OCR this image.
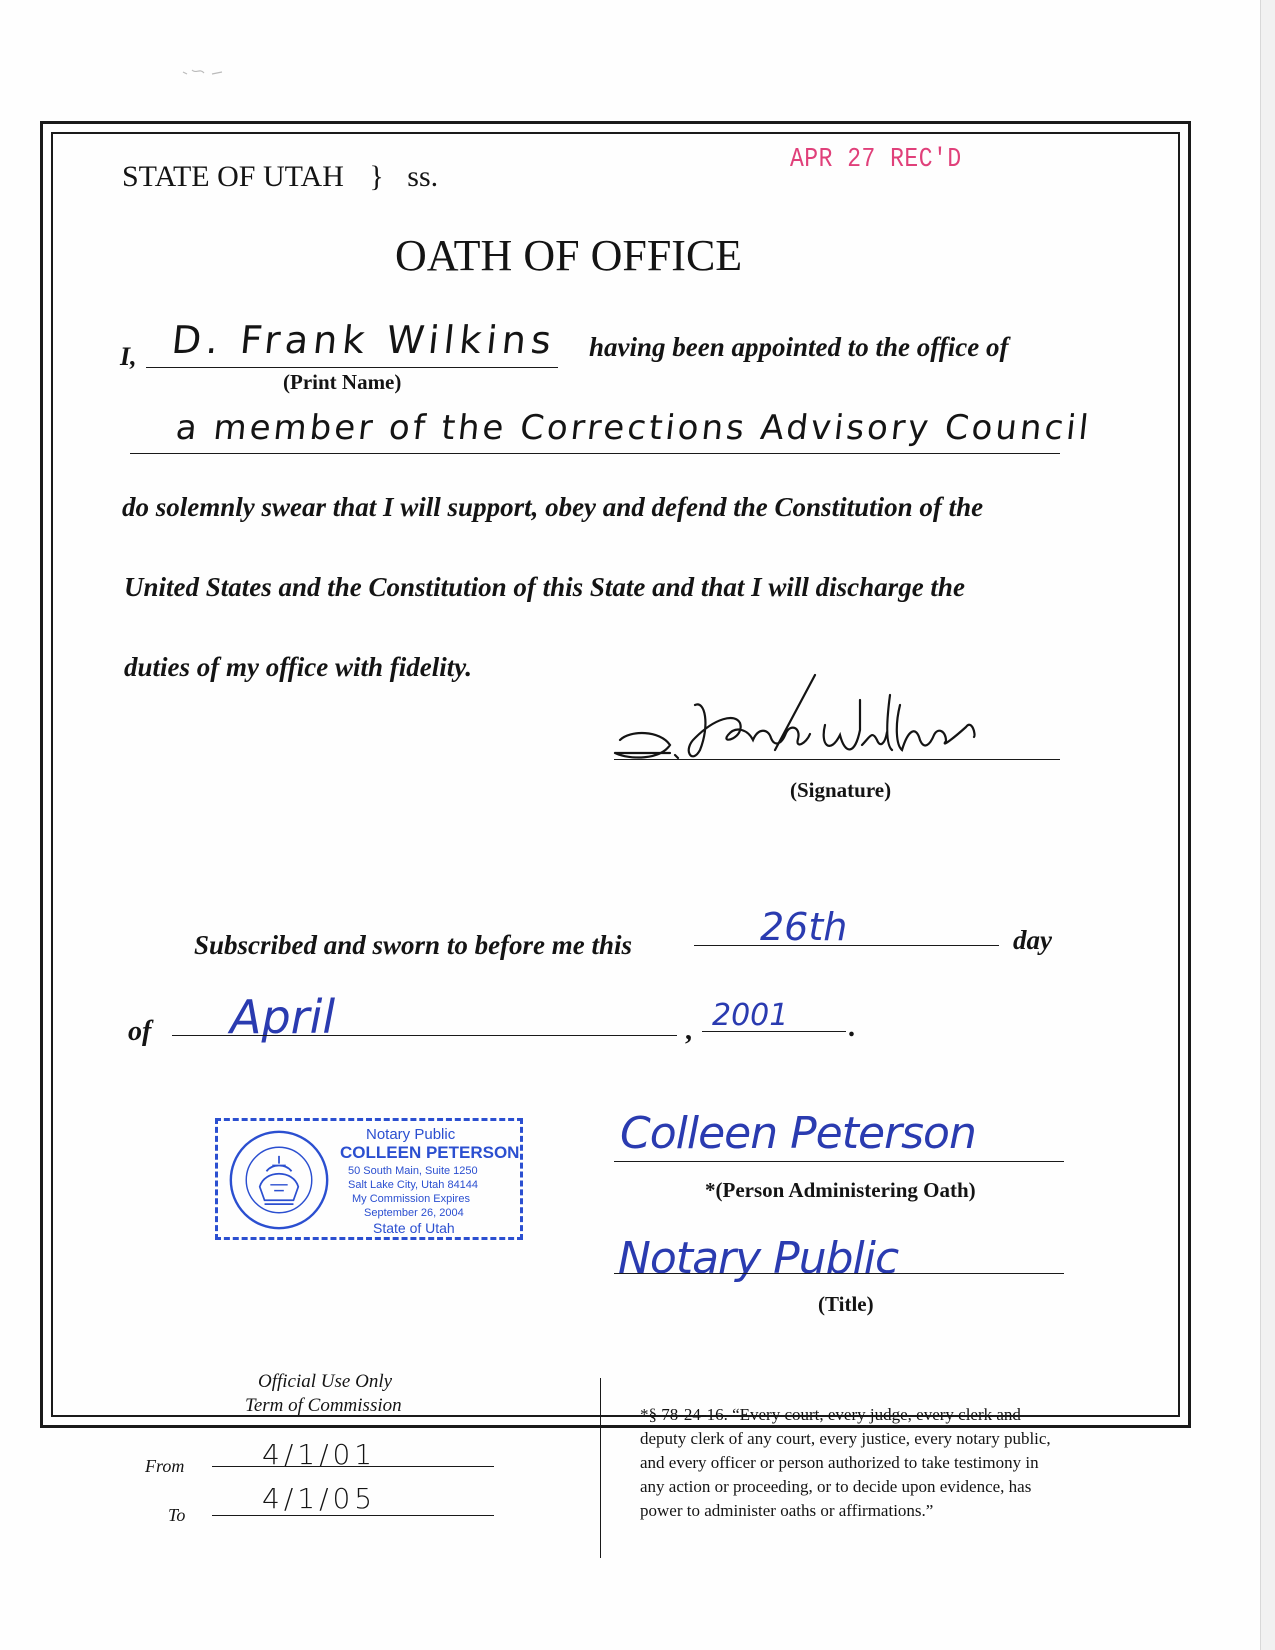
STATE OF UTAH } ss.
APR 27 REC'D
OATH OF OFFICE
I, D. Frank Wilkins
(Print Name)
having been appointed to the office of
a member of the Corrections Advisory Council
do solemnly swear that I will support, obey and defend the Constitution of the
United States and the Constitution of this State and that I will discharge the
duties of my office with fidelity.
(Signature)
Subscribed and sworn to before me this	26th	day
of April	, 2001 .
Notary Public
COLLEEN PETERSON
50 South Main, Suite 1250
Salt Lake City, Utah 84144
My Commission Expires
September 26, 2004
State of Utah
Colleen Peterson
*(Person Administering Oath)
Notary Public
(Title)
Official Use Only
Term of Commission
From	4/1/01
To	4/1/05
*§ 78-24-16. “Every court, every judge, every clerk and
deputy clerk of any court, every justice, every notary public,
and every officer or person authorized to take testimony in
any action or proceeding, or to decide upon evidence, has
power to administer oaths or affirmations.”
